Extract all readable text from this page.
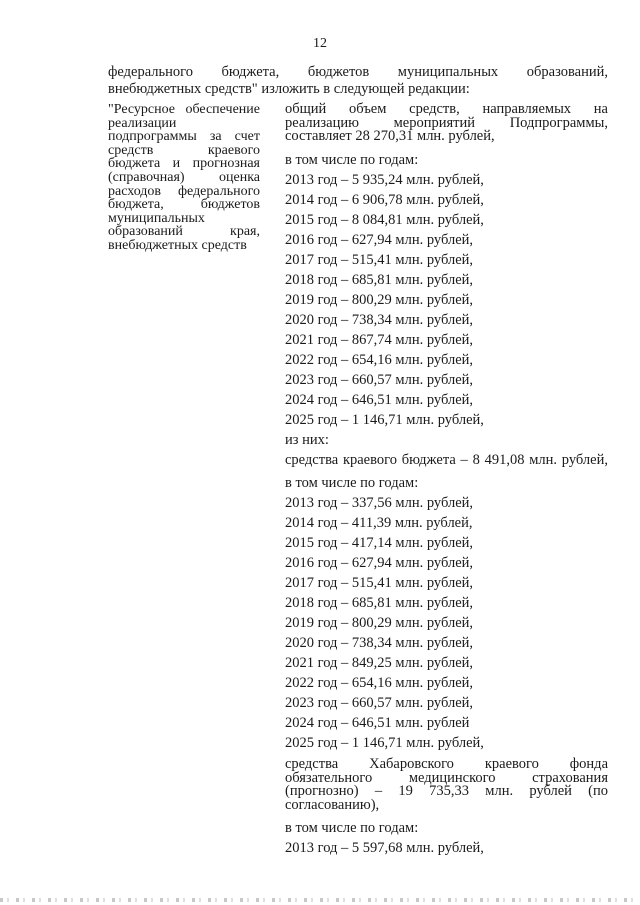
12
федерального бюджета, бюджетов муниципальных образований,
внебюджетных средств" изложить в следующей редакции:
"Ресурсное обеспечение реализации подпрограммы за счет средств краевого бюджета и прогнозная (справочная) оценка расходов федерального бюджета, бюджетов муниципальных образований края, внебюджетных средств
общий объем средств, направляемых на реализацию мероприятий Подпрограммы, составляет 28 270,31 млн. рублей,
в том числе по годам:
2013 год – 5 935,24 млн. рублей,
2014 год – 6 906,78 млн. рублей,
2015 год – 8 084,81 млн. рублей,
2016 год – 627,94 млн. рублей,
2017 год – 515,41 млн. рублей,
2018 год – 685,81 млн. рублей,
2019 год – 800,29 млн. рублей,
2020 год – 738,34 млн. рублей,
2021 год – 867,74 млн. рублей,
2022 год – 654,16 млн. рублей,
2023 год – 660,57 млн. рублей,
2024 год – 646,51 млн. рублей,
2025 год – 1 146,71 млн. рублей,
из них:
средства краевого бюджета – 8 491,08 млн. рублей,
в том числе по годам:
2013 год – 337,56 млн. рублей,
2014 год – 411,39 млн. рублей,
2015 год – 417,14 млн. рублей,
2016 год – 627,94 млн. рублей,
2017 год – 515,41 млн. рублей,
2018 год – 685,81 млн. рублей,
2019 год – 800,29 млн. рублей,
2020 год – 738,34 млн. рублей,
2021 год – 849,25 млн. рублей,
2022 год – 654,16 млн. рублей,
2023 год – 660,57 млн. рублей,
2024 год – 646,51 млн. рублей
2025 год – 1 146,71 млн. рублей,
средства Хабаровского краевого фонда обязательного медицинского страхования (прогнозно) – 19 735,33 млн. рублей (по согласованию),
в том числе по годам:
2013 год – 5 597,68 млн. рублей,
